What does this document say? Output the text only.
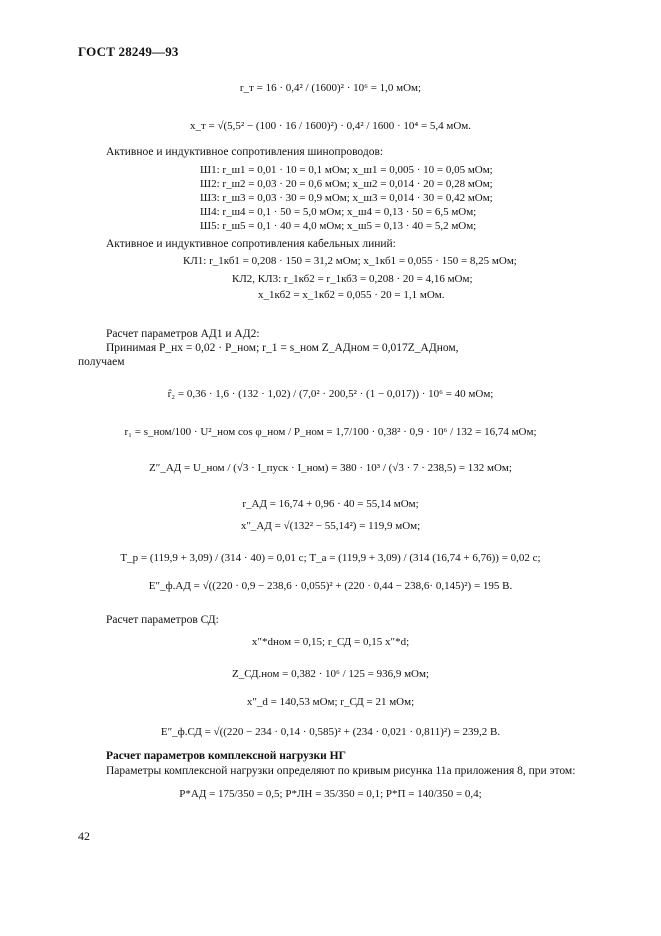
ГОСТ 28249—93
r_т = 16 · 0,4² / (1600)² · 10⁶ = 1,0 мОм;
x_т = √(5,5² − (100 · 16 / 1600)²) · 0,4² / 1600 · 10⁴ = 5,4 мОм.
Активное и индуктивное сопротивления шинопроводов:
Ш1: r_ш1 = 0,01 · 10 = 0,1 мОм; x_ш1 = 0,005 · 10 = 0,05 мОм;
Ш2: r_ш2 = 0,03 · 20 = 0,6 мОм; x_ш2 = 0,014 · 20 = 0,28 мОм;
Ш3: r_ш3 = 0,03 · 30 = 0,9 мОм; x_ш3 = 0,014 · 30 = 0,42 мОм;
Ш4: r_ш4 = 0,1 · 50 = 5,0 мОм; x_ш4 = 0,13 · 50 = 6,5 мОм;
Ш5: r_ш5 = 0,1 · 40 = 4,0 мОм; x_ш5 = 0,13 · 40 = 5,2 мОм;
Активное и индуктивное сопротивления кабельных линий:
КЛ1: r_1кб1 = 0,208 · 150 = 31,2 мОм; x_1кб1 = 0,055 · 150 = 8,25 мОм;
КЛ2, КЛ3: r_1кб2 = r_1кб3 = 0,208 · 20 = 4,16 мОм;
x_1кб2 = x_1кб2 = 0,055 · 20 = 1,1 мОм.
Расчет параметров АД1 и АД2:
Принимая P_нх = 0,02 · P_ном; r_1 = s_ном Z_АДном = 0,017Z_АДном,
получаем
r̂₂ = 0,36 · 1,6 · (132 · 1,02) / (7,0² · 200,5² · (1 − 0,017)) · 10⁶ = 40 мОм;
r₁ = s_ном/100 · U²_ном cos φ_ном / P_ном = 1,7/100 · 0,38² · 0,9 · 10⁶ / 132 = 16,74 мОм;
Z″_АД = U_ном / (√3 · I_пуск · I_ном) = 380 · 10³ / (√3 · 7 · 238,5) = 132 мОм;
r_АД = 16,74 + 0,96 · 40 = 55,14 мОм;
x″_АД = √(132² − 55,14²) = 119,9 мОм;
T_р = (119,9 + 3,09) / (314 · 40) = 0,01 с; T_а = (119,9 + 3,09) / (314 (16,74 + 6,76)) = 0,02 с;
E″_ф.АД = √((220 · 0,9 − 238,6 · 0,055)² + (220 · 0,44 − 238,6· 0,145)²) = 195 В.
Расчет параметров СД:
x″*dном = 0,15; r_СД = 0,15 x″*d;
Z_СД.ном = 0,382 · 10⁶ / 125 = 936,9 мОм;
x″_d = 140,53 мОм; r_СД = 21 мОм;
E″_ф.СД = √((220 − 234 · 0,14 · 0,585)² + (234 · 0,021 · 0,811)²) = 239,2 В.
Расчет параметров комплексной нагрузки НГ
Параметры комплексной нагрузки определяют по кривым рисунка 11а приложения 8, при этом:
P*АД = 175/350 = 0,5; P*ЛН = 35/350 = 0,1; P*П = 140/350 = 0,4;
42
